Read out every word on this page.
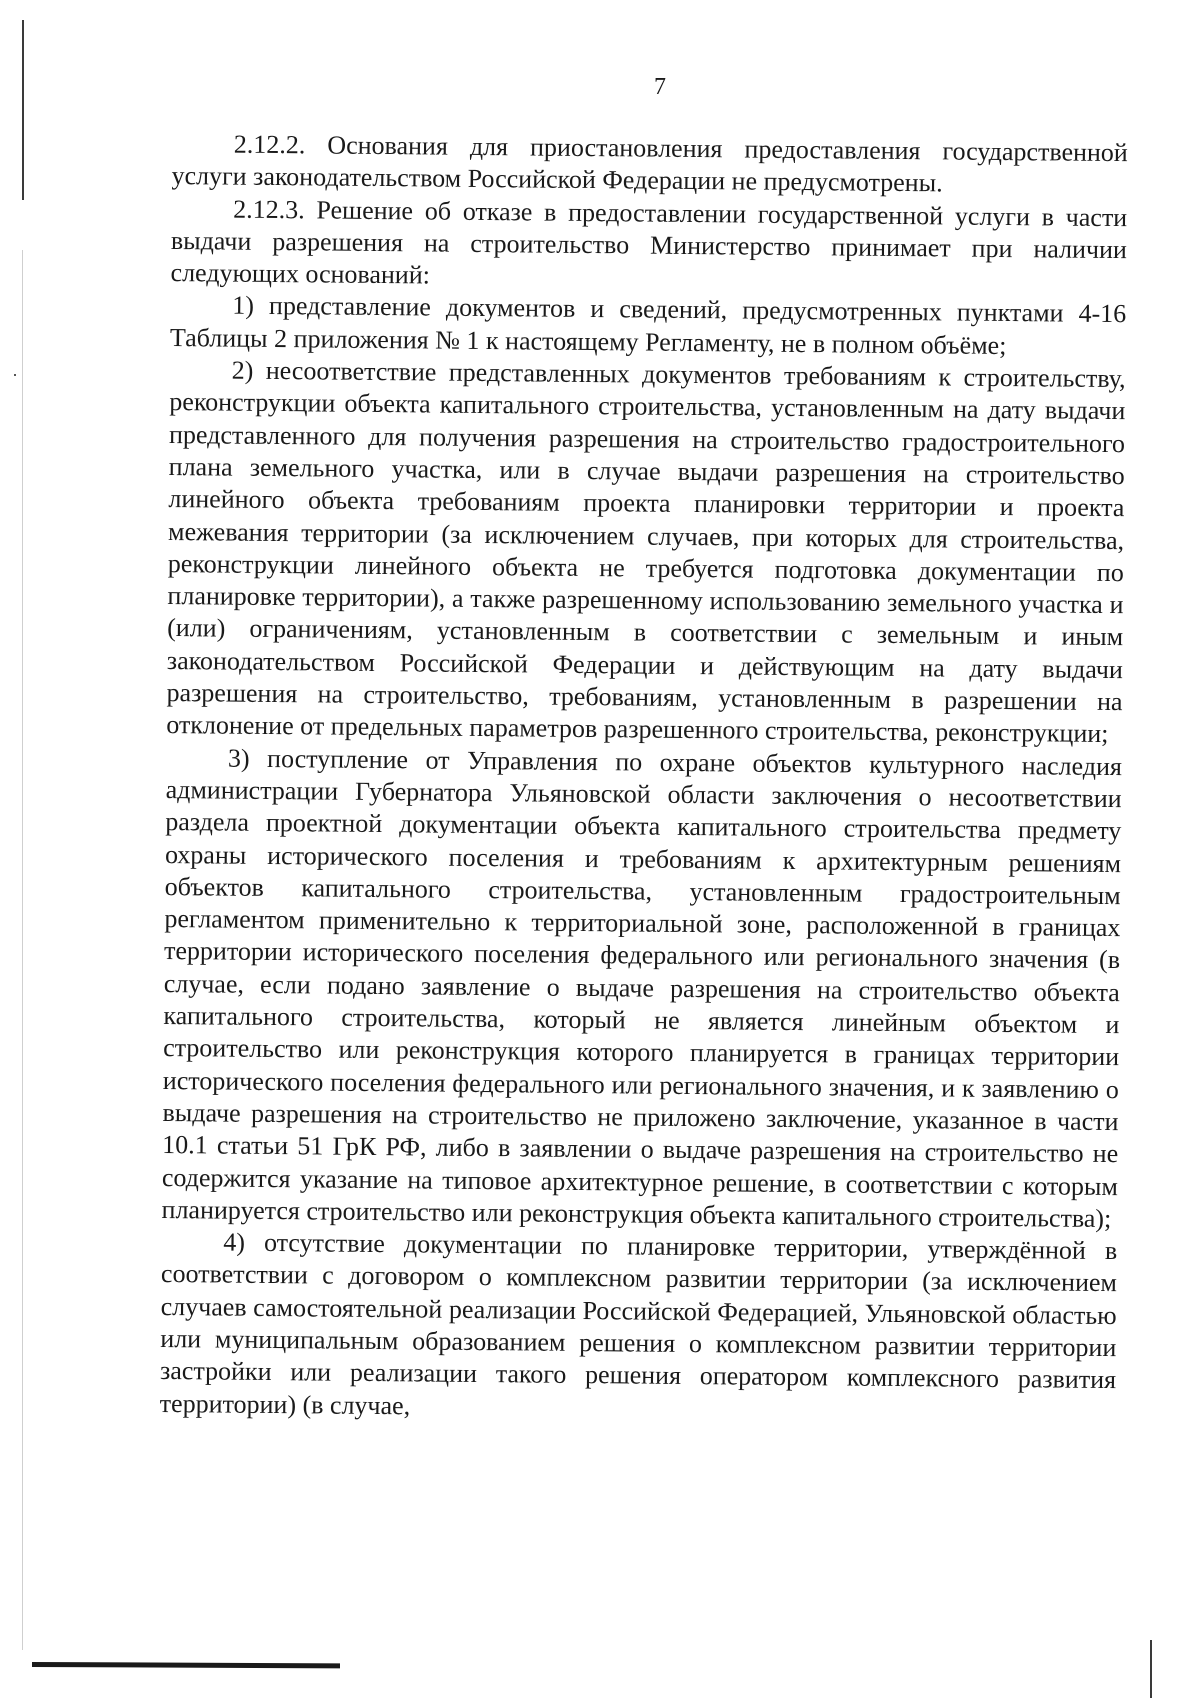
7

2.12.2. Основания для приостановления предоставления государственной услуги законодательством Российской Федерации не предусмотрены.

2.12.3. Решение об отказе в предоставлении государственной услуги в части выдачи разрешения на строительство Министерство принимает при наличии следующих оснований:

1) представление документов и сведений, предусмотренных пунктами 4-16 Таблицы 2 приложения № 1 к настоящему Регламенту, не в полном объёме;

2) несоответствие представленных документов требованиям к строительству, реконструкции объекта капитального строительства, установленным на дату выдачи представленного для получения разрешения на строительство градостроительного плана земельного участка, или в случае выдачи разрешения на строительство линейного объекта требованиям проекта планировки территории и проекта межевания территории (за исключением случаев, при которых для строительства, реконструкции линейного объекта не требуется подготовка документации по планировке территории), а также разрешенному использованию земельного участка и (или) ограничениям, установленным в соответствии с земельным и иным законодательством Российской Федерации и действующим на дату выдачи разрешения на строительство, требованиям, установленным в разрешении на отклонение от предельных параметров разрешенного строительства, реконструкции;

3) поступление от Управления по охране объектов культурного наследия администрации Губернатора Ульяновской области заключения о несоответствии раздела проектной документации объекта капитального строительства предмету охраны исторического поселения и требованиям к архитектурным решениям объектов капитального строительства, установленным градостроительным регламентом применительно к территориальной зоне, расположенной в границах территории исторического поселения федерального или регионального значения (в случае, если подано заявление о выдаче разрешения на строительство объекта капитального строительства, который не является линейным объектом и строительство или реконструкция которого планируется в границах территории исторического поселения федерального или регионального значения, и к заявлению о выдаче разрешения на строительство не приложено заключение, указанное в части 10.1 статьи 51 ГрК РФ, либо в заявлении о выдаче разрешения на строительство не содержится указание на типовое архитектурное решение, в соответствии с которым планируется строительство или реконструкция объекта капитального строительства);

4) отсутствие документации по планировке территории, утверждённой в соответствии с договором о комплексном развитии территории (за исключением случаев самостоятельной реализации Российской Федерацией, Ульяновской областью или муниципальным образованием решения о комплексном развитии территории застройки или реализации такого решения оператором комплексного развития территории) (в случае,
